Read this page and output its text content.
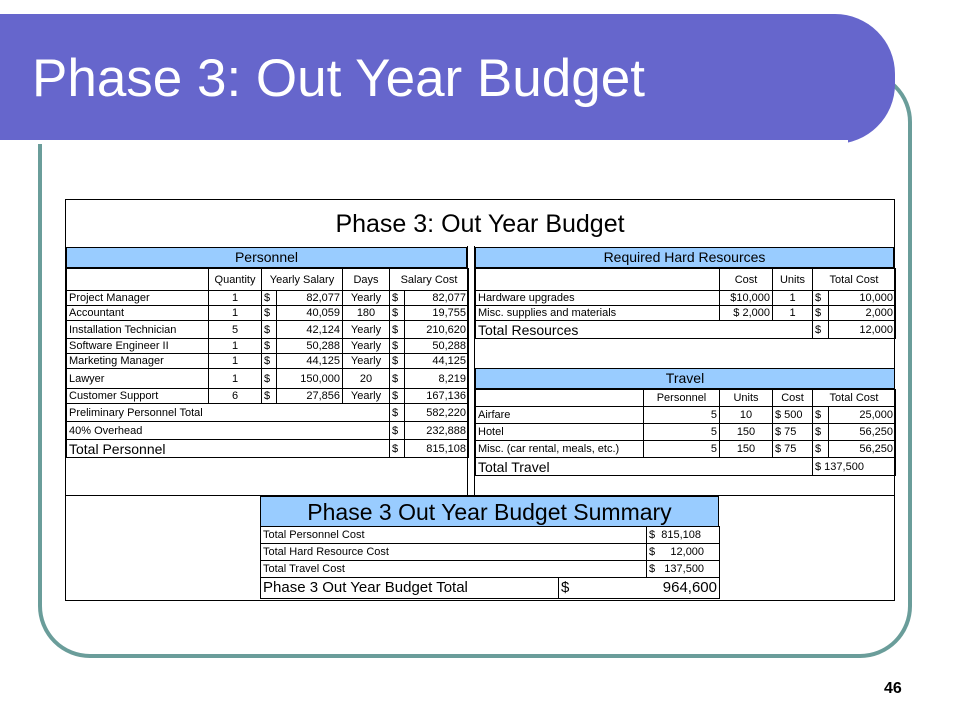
Phase 3: Out Year Budget
Phase 3: Out Year Budget
Personnel	Required Hard Resources
	Quantity	Yearly Salary		Days	Salary Cost	
Project Manager	1	$	82,077	Yearly	$	82,077
Accountant	1	$	40,059	180	$	19,755
Installation Technician	5	$	42,124	Yearly	$	210,620
Software Engineer II	1	$	50,288	Yearly	$	50,288
Marketing Manager	1	$	44,125	Yearly	$	44,125
Lawyer	1	$	150,000	20	$	8,219
Customer Support	6	$	27,856	Yearly	$	167,136
Preliminary Personnel Total					$	582,220
40% Overhead					$	232,888
Total Personnel					$	815,108
	Cost	Units	Total Cost	
Hardware upgrades	$10,000	1	$	10,000
Misc. supplies and materials	$ 2,000	1	$	2,000
Total Resources			$	12,000
Travel
	Personnel	Units	Cost	Total Cost	
Airfare	5	10	$ 500	$	25,000
Hotel	5	150	$ 75	$	56,250
Misc. (car rental, meals, etc.)	5	150	$ 75	$	56,250
Total Travel				$ 137,500	
Phase 3 Out Year Budget Summary
Total Personnel Cost	$  815,108
Total Hard Resource Cost	$     12,000
Total Travel Cost	$   137,500
Phase 3 Out Year Budget Total	$	964,600
46
